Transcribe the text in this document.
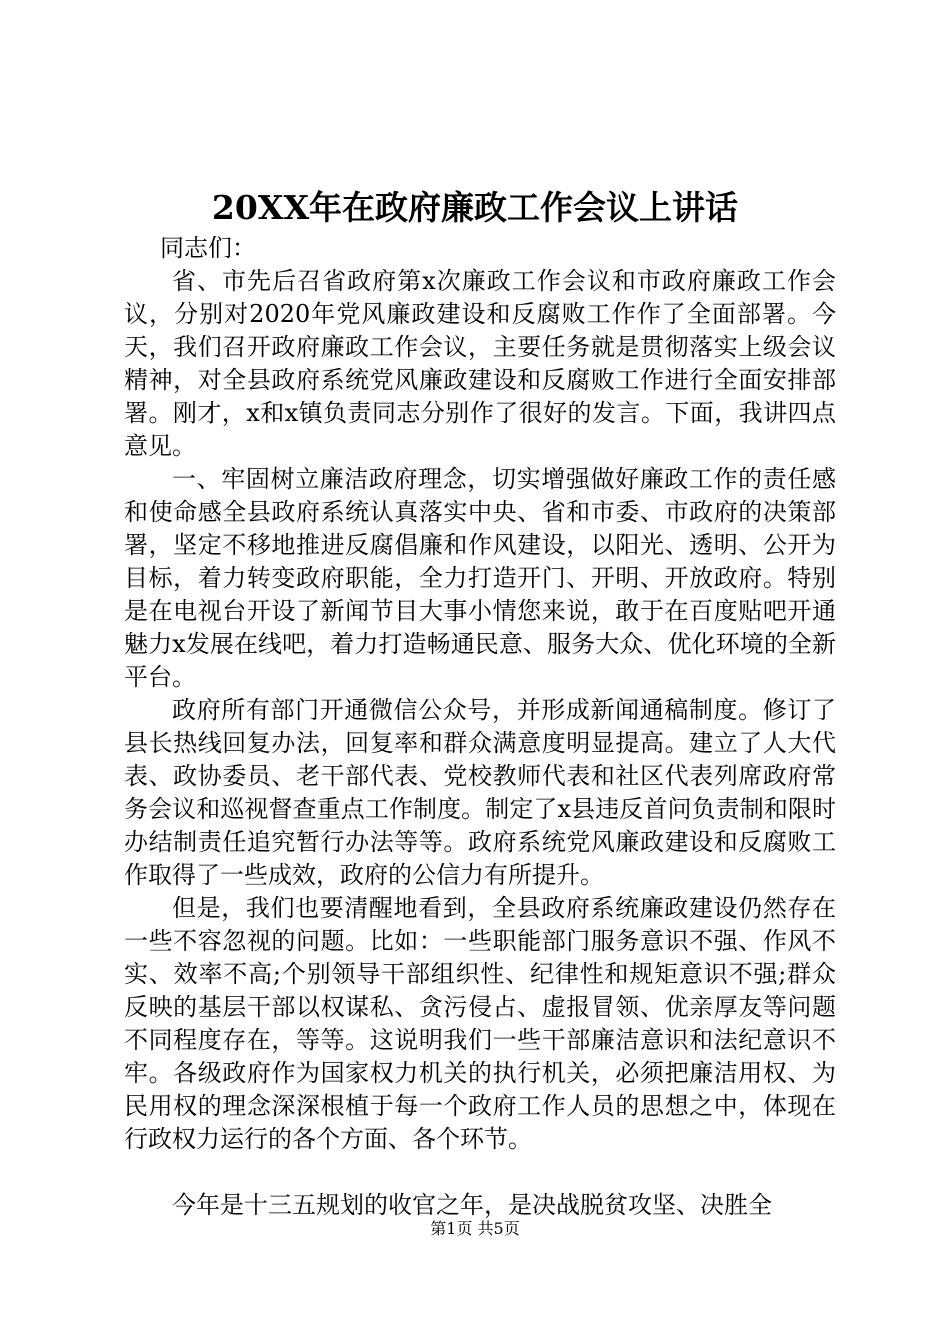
20XX年在政府廉政工作会议上讲话

同志们：

省、市先后召省政府第x次廉政工作会议和市政府廉政工作会议，分别对2020年党风廉政建设和反腐败工作作了全面部署。今天，我们召开政府廉政工作会议，主要任务就是贯彻落实上级会议精神，对全县政府系统党风廉政建设和反腐败工作进行全面安排部署。刚才，x和x镇负责同志分别作了很好的发言。下面，我讲四点意见。

一、牢固树立廉洁政府理念，切实增强做好廉政工作的责任感和使命感全县政府系统认真落实中央、省和市委、市政府的决策部署，坚定不移地推进反腐倡廉和作风建设，以阳光、透明、公开为目标，着力转变政府职能，全力打造开门、开明、开放政府。特别是在电视台开设了新闻节目大事小情您来说，敢于在百度贴吧开通魅力x发展在线吧，着力打造畅通民意、服务大众、优化环境的全新平台。

政府所有部门开通微信公众号，并形成新闻通稿制度。修订了县长热线回复办法，回复率和群众满意度明显提高。建立了人大代表、政协委员、老干部代表、党校教师代表和社区代表列席政府常务会议和巡视督查重点工作制度。制定了x县违反首问负责制和限时办结制责任追究暂行办法等等。政府系统党风廉政建设和反腐败工作取得了一些成效，政府的公信力有所提升。

但是，我们也要清醒地看到，全县政府系统廉政建设仍然存在一些不容忽视的问题。比如：一些职能部门服务意识不强、作风不实、效率不高;个别领导干部组织性、纪律性和规矩意识不强;群众反映的基层干部以权谋私、贪污侵占、虚报冒领、优亲厚友等问题不同程度存在，等等。这说明我们一些干部廉洁意识和法纪意识不牢。各级政府作为国家权力机关的执行机关，必须把廉洁用权、为民用权的理念深深根植于每一个政府工作人员的思想之中，体现在行政权力运行的各个方面、各个环节。

今年是十三五规划的收官之年，是决战脱贫攻坚、决胜全

第1页 共5页
